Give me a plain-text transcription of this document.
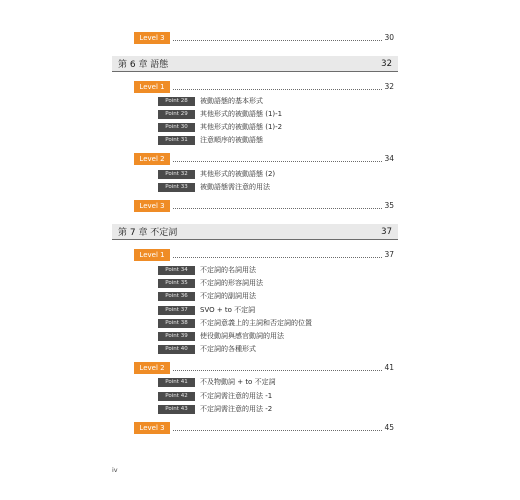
Level 3	30
第 6 章 語態	32
Level 1	32
Point 28	被動語態的基本形式
Point 29	其他形式的被動語態 (1)-1
Point 30	其他形式的被動語態 (1)-2
Point 31	注意順序的被動語態
Level 2	34
Point 32	其他形式的被動語態 (2)
Point 33	被動語態需注意的用法
Level 3	35
第 7 章 不定詞	37
Level 1	37
Point 34	不定詞的名詞用法
Point 35	不定詞的形容詞用法
Point 36	不定詞的副詞用法
Point 37	SVO + to 不定詞
Point 38	不定詞意義上的主詞和否定詞的位置
Point 39	使役動詞與感官動詞的用法
Point 40	不定詞的各種形式
Level 2	41
Point 41	不及物動詞 + to 不定詞
Point 42	不定詞需注意的用法 -1
Point 43	不定詞需注意的用法 -2
Level 3	45
iv
